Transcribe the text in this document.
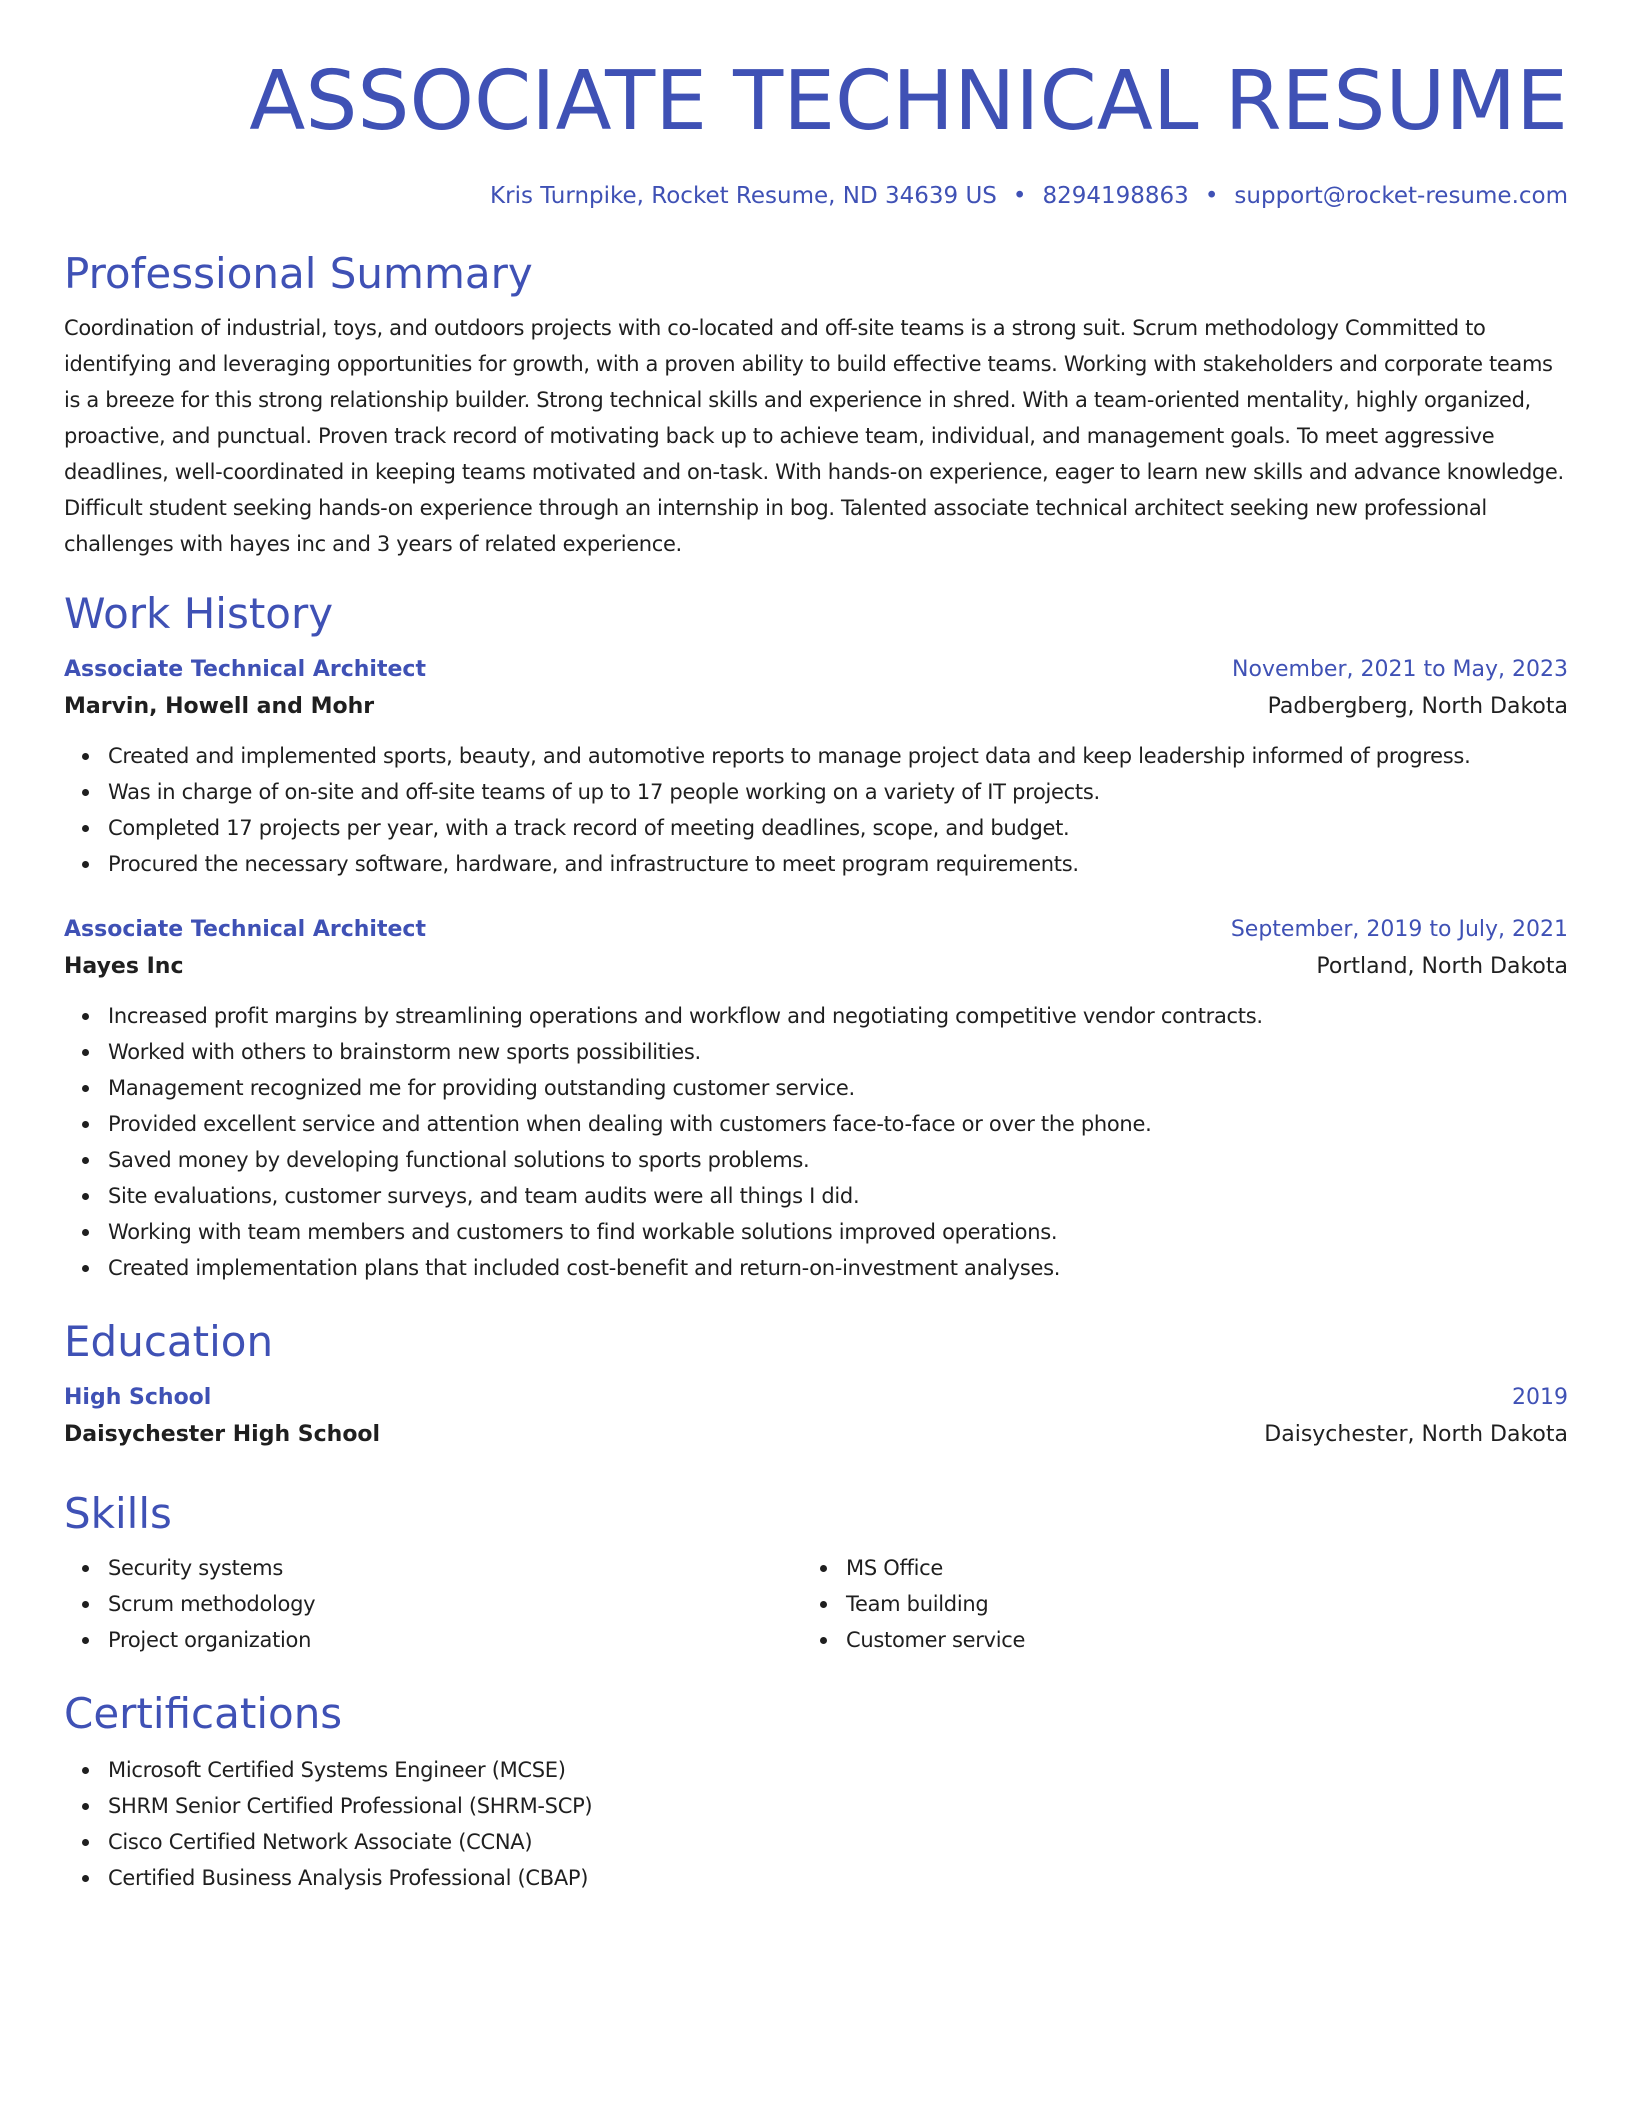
ASSOCIATE TECHNICAL RESUME
Kris Turnpike, Rocket Resume, ND 34639 US • 8294198863 • support@rocket-resume.com
Professional Summary
Coordination of industrial, toys, and outdoors projects with co-located and off-site teams is a strong suit. Scrum methodology Committed to identifying and leveraging opportunities for growth, with a proven ability to build effective teams. Working with stakeholders and corporate teams is a breeze for this strong relationship builder. Strong technical skills and experience in shred. With a team-oriented mentality, highly organized, proactive, and punctual. Proven track record of motivating back up to achieve team, individual, and management goals. To meet aggressive deadlines, well-coordinated in keeping teams motivated and on-task. With hands-on experience, eager to learn new skills and advance knowledge. Difficult student seeking hands-on experience through an internship in bog. Talented associate technical architect seeking new professional challenges with hayes inc and 3 years of related experience.
Work History
Associate Technical Architect	November, 2021 to May, 2023
Marvin, Howell and Mohr	Padbergberg, North Dakota
Created and implemented sports, beauty, and automotive reports to manage project data and keep leadership informed of progress.
Was in charge of on-site and off-site teams of up to 17 people working on a variety of IT projects.
Completed 17 projects per year, with a track record of meeting deadlines, scope, and budget.
Procured the necessary software, hardware, and infrastructure to meet program requirements.
Associate Technical Architect	September, 2019 to July, 2021
Hayes Inc	Portland, North Dakota
Increased profit margins by streamlining operations and workflow and negotiating competitive vendor contracts.
Worked with others to brainstorm new sports possibilities.
Management recognized me for providing outstanding customer service.
Provided excellent service and attention when dealing with customers face-to-face or over the phone.
Saved money by developing functional solutions to sports problems.
Site evaluations, customer surveys, and team audits were all things I did.
Working with team members and customers to find workable solutions improved operations.
Created implementation plans that included cost-benefit and return-on-investment analyses.
Education
High School	2019
Daisychester High School	Daisychester, North Dakota
Skills
Security systems
Scrum methodology
Project organization
MS Office
Team building
Customer service
Certifications
Microsoft Certified Systems Engineer (MCSE)
SHRM Senior Certified Professional (SHRM-SCP)
Cisco Certified Network Associate (CCNA)
Certified Business Analysis Professional (CBAP)
